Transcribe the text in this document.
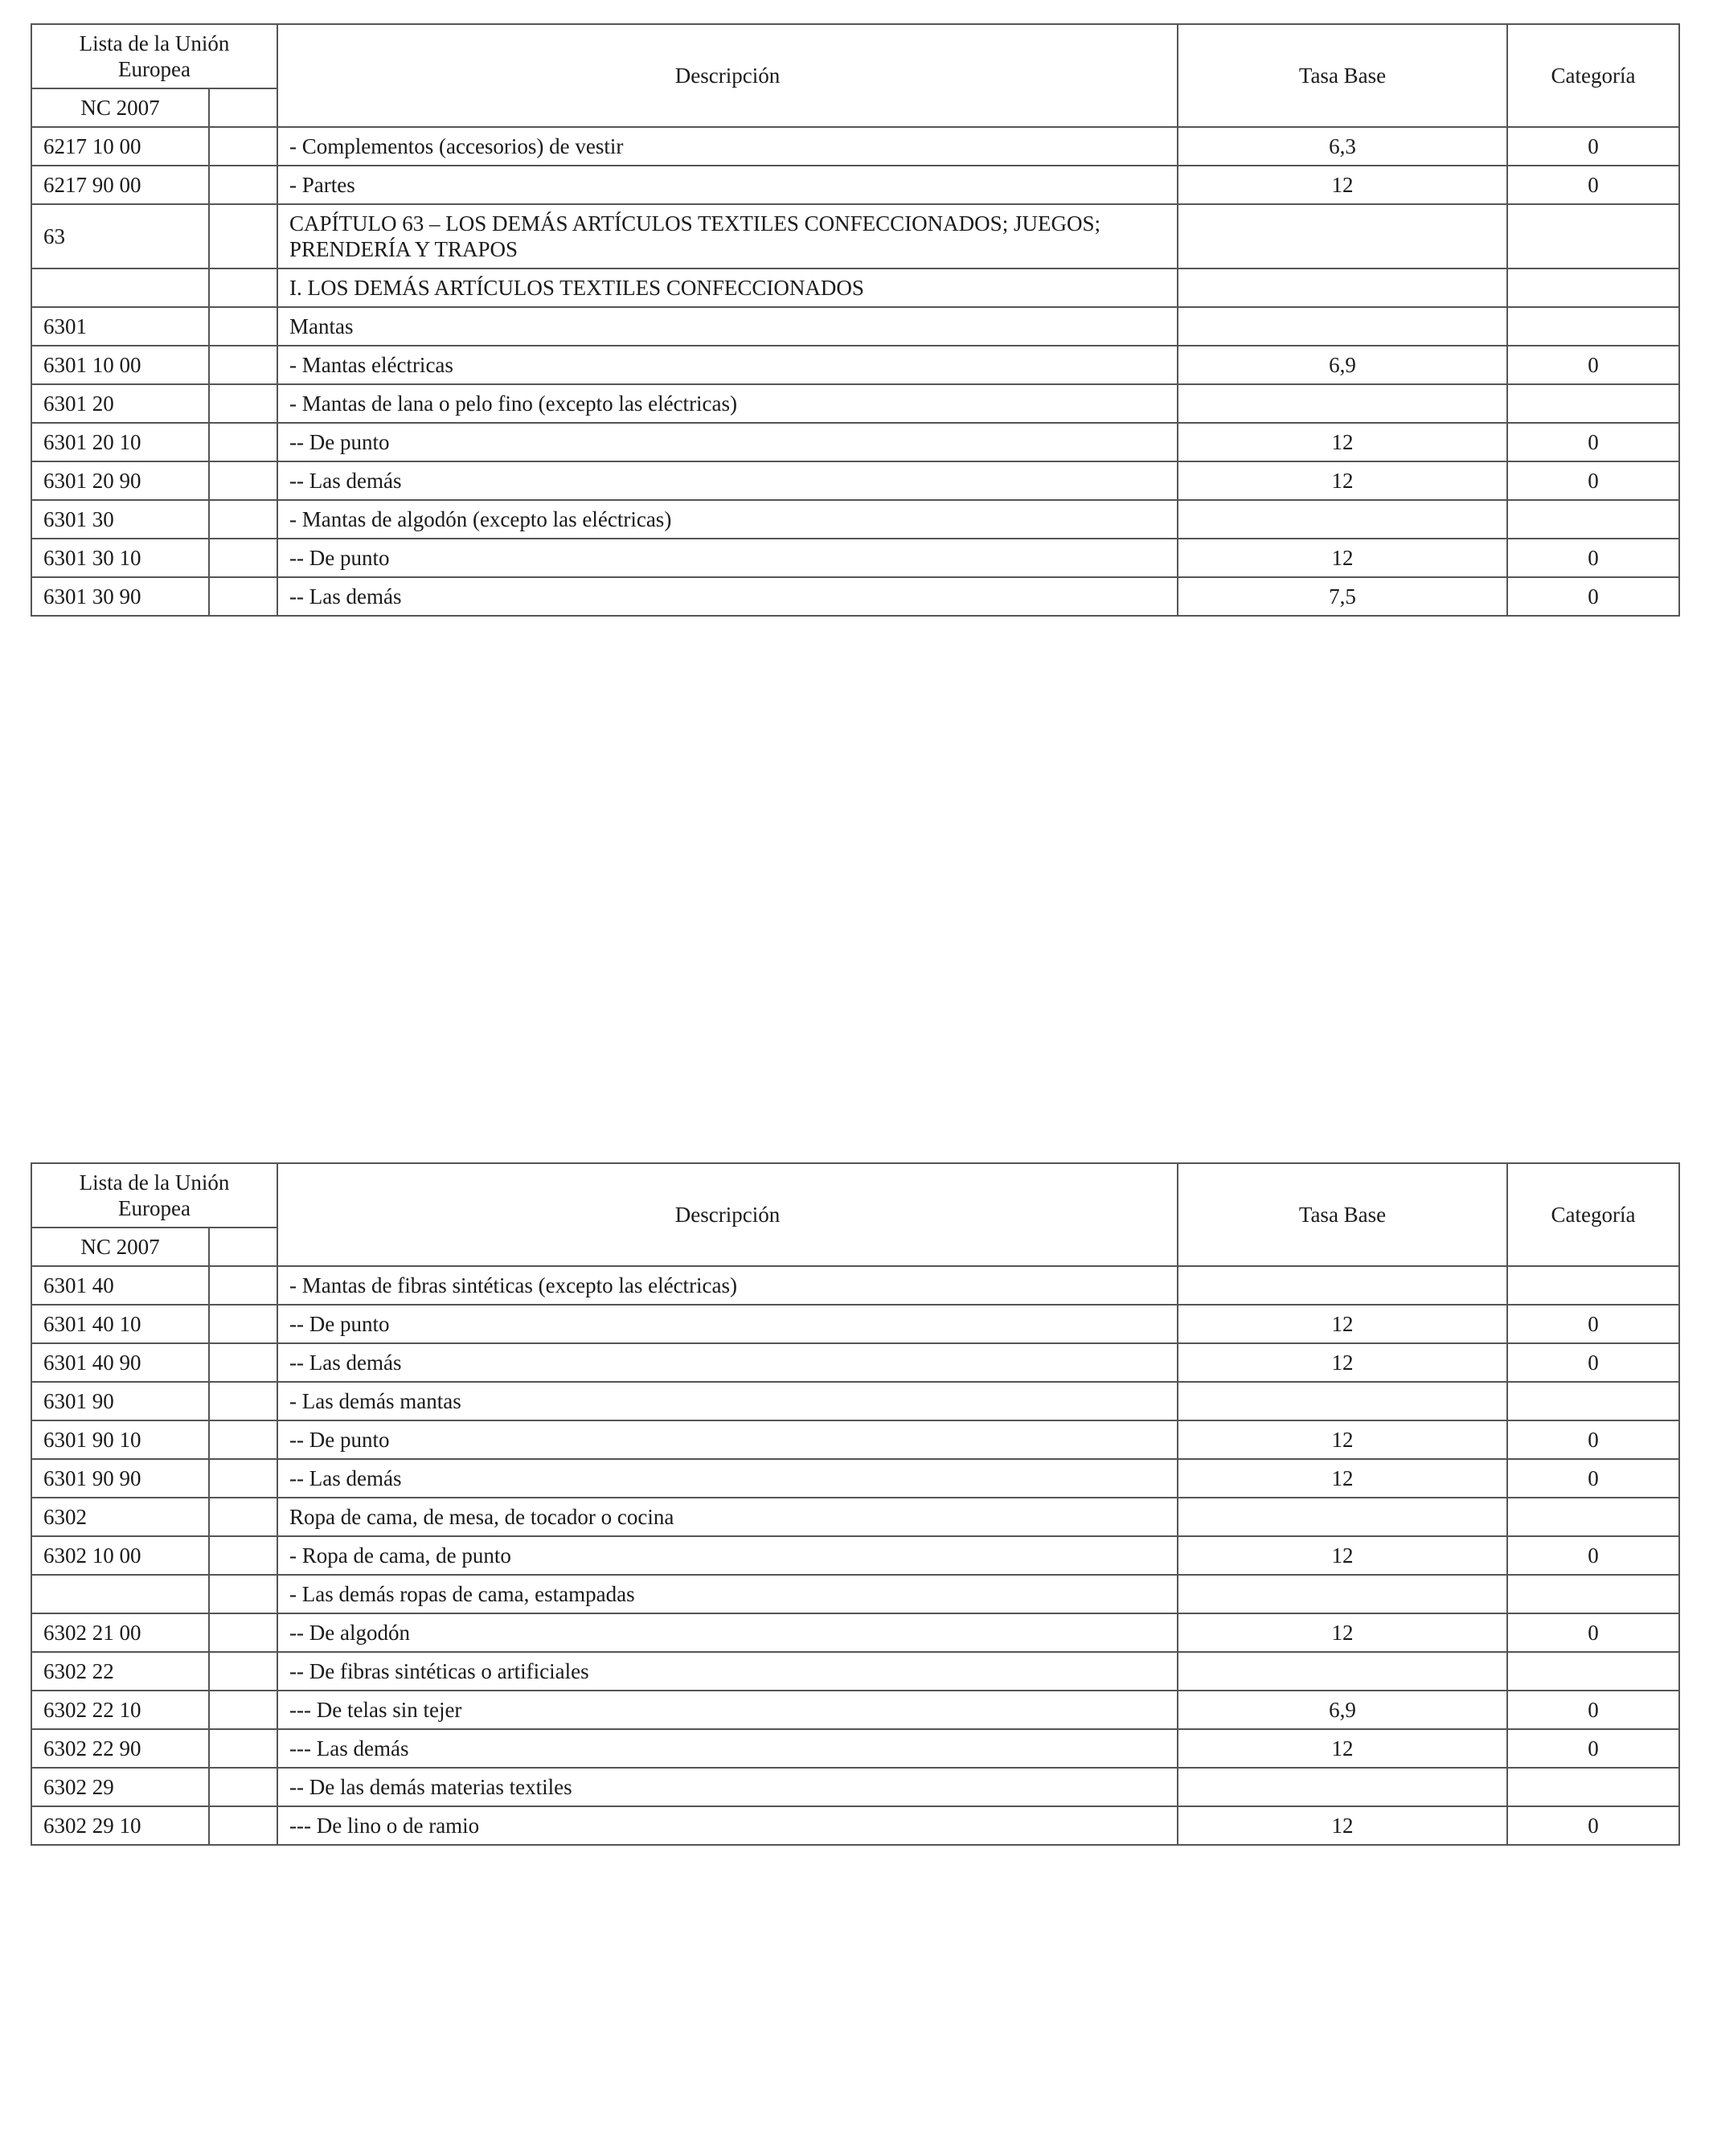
Lista de la Unión Europea		Descripción	Tasa Base	Categoría
NC 2007				
6217 10 00		- Complementos (accesorios) de vestir	6,3	0
6217 90 00		- Partes	12	0
63		CAPÍTULO 63 – LOS DEMÁS ARTÍCULOS TEXTILES CONFECCIONADOS; JUEGOS; PRENDERÍA Y TRAPOS		
		I. LOS DEMÁS ARTÍCULOS TEXTILES CONFECCIONADOS		
6301		Mantas		
6301 10 00		- Mantas eléctricas	6,9	0
6301 20		- Mantas de lana o pelo fino (excepto las eléctricas)		
6301 20 10		-- De punto	12	0
6301 20 90		-- Las demás	12	0
6301 30		- Mantas de algodón (excepto las eléctricas)		
6301 30 10		-- De punto	12	0
6301 30 90		-- Las demás	7,5	0
Lista de la Unión Europea		Descripción	Tasa Base	Categoría
NC 2007				
6301 40		- Mantas de fibras sintéticas (excepto las eléctricas)		
6301 40 10		-- De punto	12	0
6301 40 90		-- Las demás	12	0
6301 90		- Las demás mantas		
6301 90 10		-- De punto	12	0
6301 90 90		-- Las demás	12	0
6302		Ropa de cama, de mesa, de tocador o cocina		
6302 10 00		- Ropa de cama, de punto	12	0
		- Las demás ropas de cama, estampadas		
6302 21 00		-- De algodón	12	0
6302 22		-- De fibras sintéticas o artificiales		
6302 22 10		--- De telas sin tejer	6,9	0
6302 22 90		--- Las demás	12	0
6302 29		-- De las demás materias textiles		
6302 29 10		--- De lino o de ramio	12	0
